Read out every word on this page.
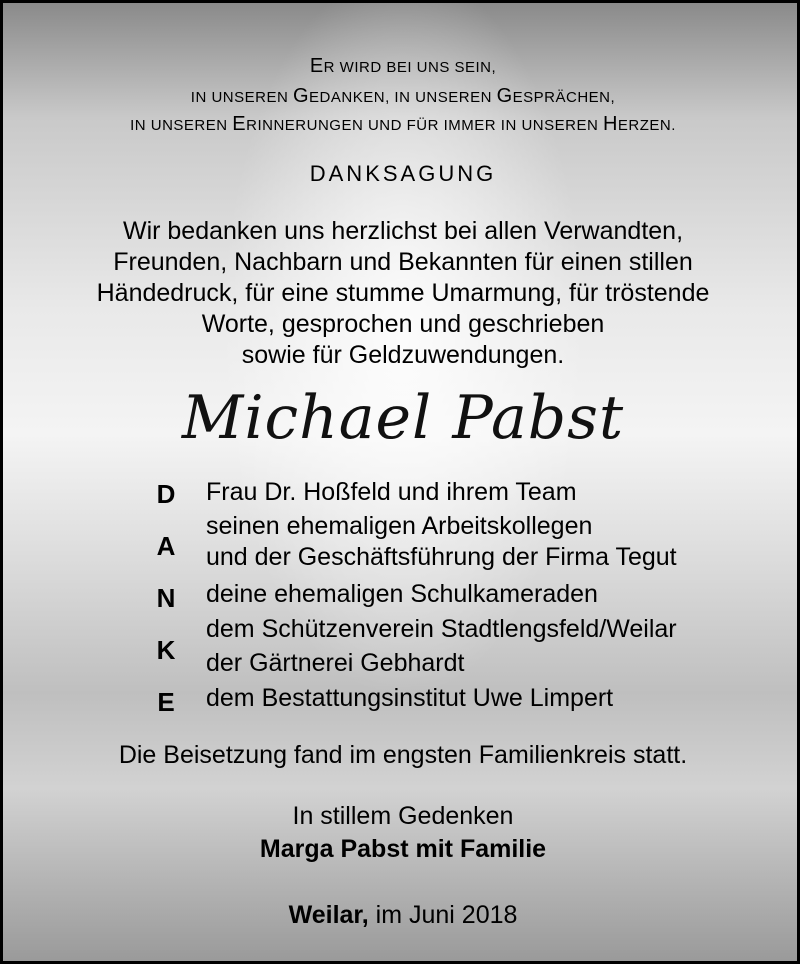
ER WIRD BEI UNS SEIN,
IN UNSEREN GEDANKEN, IN UNSEREN GESPRÄCHEN,
IN UNSEREN ERINNERUNGEN UND FÜR IMMER IN UNSEREN HERZEN.
DANKSAGUNG
Wir bedanken uns herzlichst bei allen Verwandten,
Freunden, Nachbarn und Bekannten für einen stillen
Händedruck, für eine stumme Umarmung, für tröstende
Worte, gesprochen und geschrieben
sowie für Geldzuwendungen.
Michael Pabst
D
A
N
K
E
Frau Dr. Hoßfeld und ihrem Team
seinen ehemaligen Arbeitskollegen
und der Geschäftsführung der Firma Tegut
deine ehemaligen Schulkameraden
dem Schützenverein Stadtlengsfeld/Weilar
der Gärtnerei Gebhardt
dem Bestattungsinstitut Uwe Limpert
Die Beisetzung fand im engsten Familienkreis statt.
In stillem Gedenken
Marga Pabst mit Familie
Weilar, im Juni 2018
